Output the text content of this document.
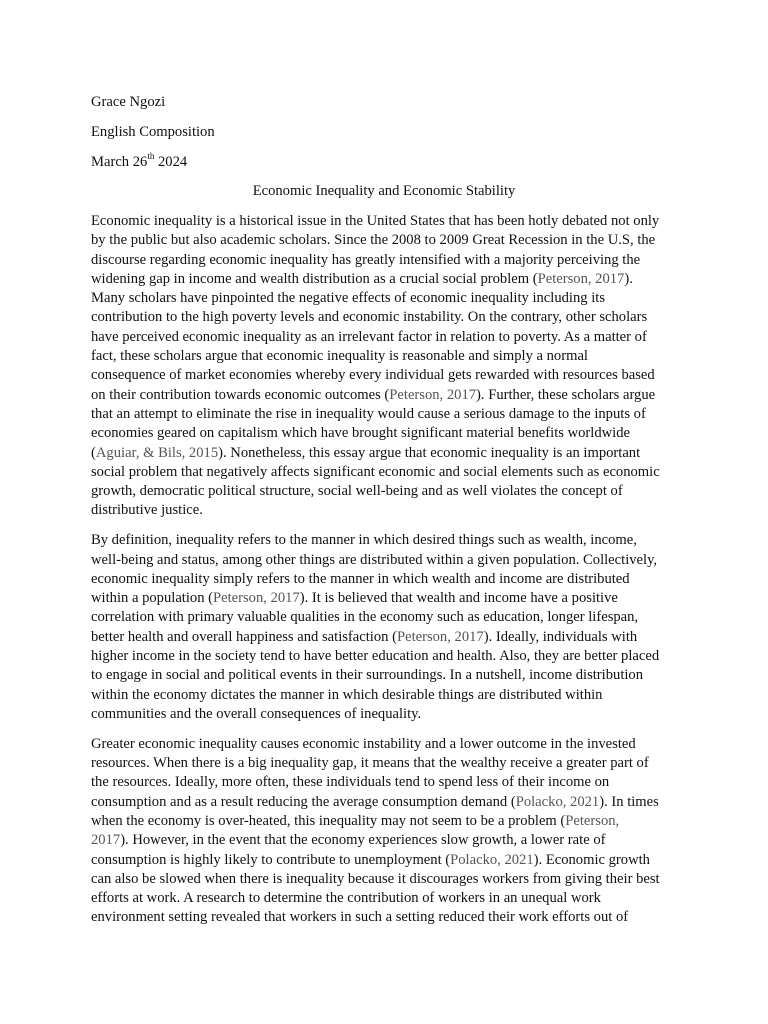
Grace Ngozi
English Composition
March 26th 2024
Economic Inequality and Economic Stability
Economic inequality is a historical issue in the United States that has been hotly debated not only
by the public but also academic scholars. Since the 2008 to 2009 Great Recession in the U.S, the
discourse regarding economic inequality has greatly intensified with a majority perceiving the
widening gap in income and wealth distribution as a crucial social problem (Peterson, 2017).
Many scholars have pinpointed the negative effects of economic inequality including its
contribution to the high poverty levels and economic instability. On the contrary, other scholars
have perceived economic inequality as an irrelevant factor in relation to poverty. As a matter of
fact, these scholars argue that economic inequality is reasonable and simply a normal
consequence of market economies whereby every individual gets rewarded with resources based
on their contribution towards economic outcomes (Peterson, 2017). Further, these scholars argue
that an attempt to eliminate the rise in inequality would cause a serious damage to the inputs of
economies geared on capitalism which have brought significant material benefits worldwide
(Aguiar, & Bils, 2015). Nonetheless, this essay argue that economic inequality is an important
social problem that negatively affects significant economic and social elements such as economic
growth, democratic political structure, social well-being and as well violates the concept of
distributive justice.
By definition, inequality refers to the manner in which desired things such as wealth, income,
well-being and status, among other things are distributed within a given population. Collectively,
economic inequality simply refers to the manner in which wealth and income are distributed
within a population (Peterson, 2017). It is believed that wealth and income have a positive
correlation with primary valuable qualities in the economy such as education, longer lifespan,
better health and overall happiness and satisfaction (Peterson, 2017). Ideally, individuals with
higher income in the society tend to have better education and health. Also, they are better placed
to engage in social and political events in their surroundings. In a nutshell, income distribution
within the economy dictates the manner in which desirable things are distributed within
communities and the overall consequences of inequality.
Greater economic inequality causes economic instability and a lower outcome in the invested
resources. When there is a big inequality gap, it means that the wealthy receive a greater part of
the resources. Ideally, more often, these individuals tend to spend less of their income on
consumption and as a result reducing the average consumption demand (Polacko, 2021). In times
when the economy is over-heated, this inequality may not seem to be a problem (Peterson,
2017). However, in the event that the economy experiences slow growth, a lower rate of
consumption is highly likely to contribute to unemployment (Polacko, 2021). Economic growth
can also be slowed when there is inequality because it discourages workers from giving their best
efforts at work. A research to determine the contribution of workers in an unequal work
environment setting revealed that workers in such a setting reduced their work efforts out of
